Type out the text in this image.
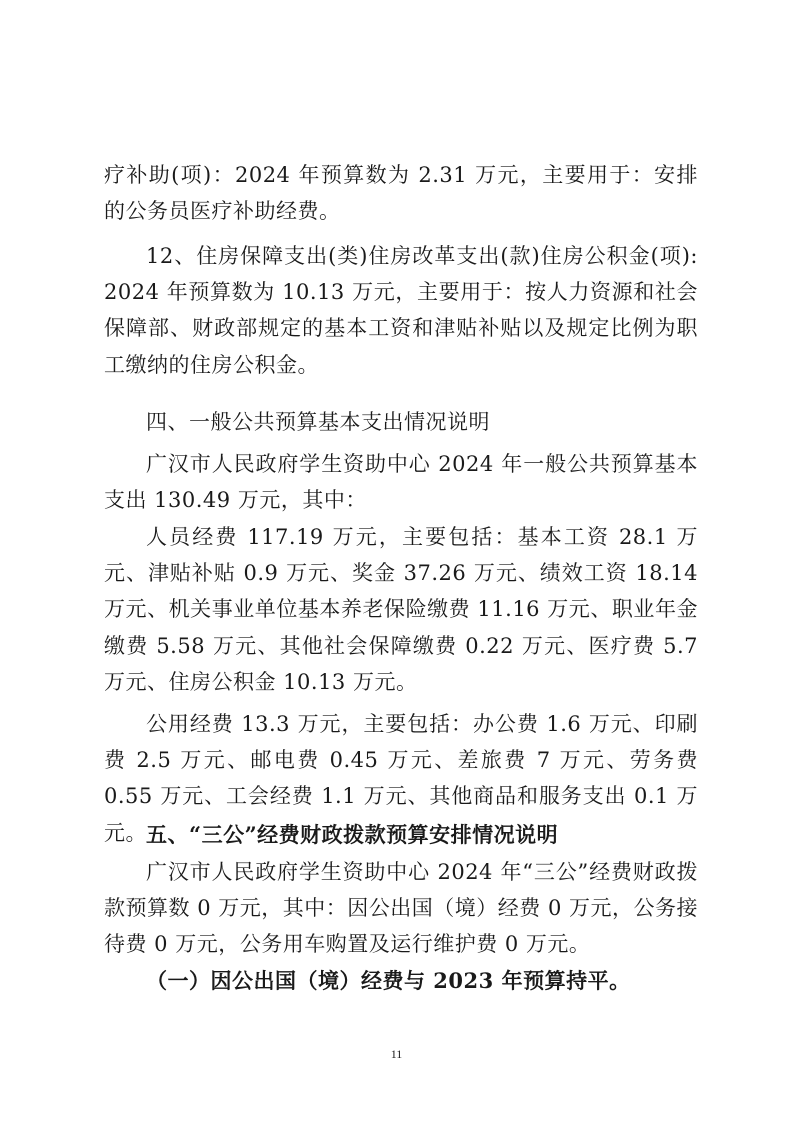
疗补助(项)：2024 年预算数为 2.31 万元，主要用于：安排的公务员医疗补助经费。

12、住房保障支出(类)住房改革支出(款)住房公积金(项): 2024 年预算数为 10.13 万元，主要用于：按人力资源和社会保障部、财政部规定的基本工资和津贴补贴以及规定比例为职工缴纳的住房公积金。

四、一般公共预算基本支出情况说明

广汉市人民政府学生资助中心 2024 年一般公共预算基本支出 130.49 万元，其中：

人员经费 117.19 万元，主要包括：基本工资 28.1 万元、津贴补贴 0.9 万元、奖金 37.26 万元、绩效工资 18.14 万元、机关事业单位基本养老保险缴费 11.16 万元、职业年金缴费 5.58 万元、其他社会保障缴费 0.22 万元、医疗费 5.7 万元、住房公积金 10.13 万元。

公用经费 13.3 万元，主要包括：办公费 1.6 万元、印刷费 2.5 万元、邮电费 0.45 万元、差旅费 7 万元、劳务费 0.55 万元、工会经费 1.1 万元、其他商品和服务支出 0.1 万元。 五、“三公”经费财政拨款预算安排情况说明

广汉市人民政府学生资助中心 2024 年“三公”经费财政拨款预算数 0 万元，其中：因公出国（境）经费 0 万元，公务接待费 0 万元，公务用车购置及运行维护费 0 万元。

（一）因公出国（境）经费与 2023 年预算持平。

11
